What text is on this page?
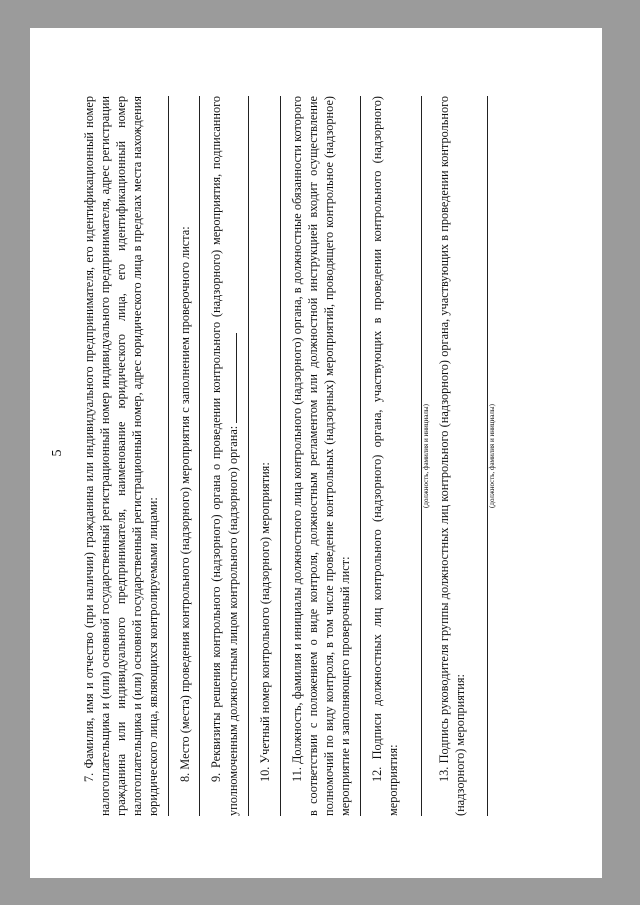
5 7. Фамилия, имя и отчество (при наличии) гражданина или индивидуального предпринимателя, его идентификационный номер налогоплательщика и (или) основной государственный регистрационный номер индивидуального предпринимателя, адрес регистрации гражданина или индивидуального предпринимателя, наименование юридического лица, его идентификационный номер налогоплательщика и (или) основной государственный регистрационный номер, адрес юридического лица в пределах места нахождения юридического лица, являющихся контролируемыми лицами: 8. Место (места) проведения контрольного (надзорного) мероприятия с заполнением проверочного листа: 9. Реквизиты решения контрольного (надзорного) органа о проведении контрольного (надзорного) мероприятия, подписанного уполномоченным должностным лицом контрольного (надзорного) органа: 10. Учетный номер контрольного (надзорного) мероприятия: 11. Должность, фамилия и инициалы должностного лица контрольного (надзорного) органа, в должностные обязанности которого в соответствии с положением о виде контроля, должностным регламентом или должностной инструкцией входит осуществление полномочий по виду контроля, в том числе проведение контрольных (надзорных) мероприятий, проводящего контрольное (надзорное) мероприятие и заполняющего проверочный лист: 12. Подписи должностных лиц контрольного (надзорного) органа, участвующих в проведении контрольного (надзорного) мероприятия:
(должность, фамилия и инициалы) 13. Подпись руководителя группы должностных лиц контрольного (надзорного) органа, участвующих в проведении контрольного (надзорного) мероприятия:
(должность, фамилия и инициалы)
